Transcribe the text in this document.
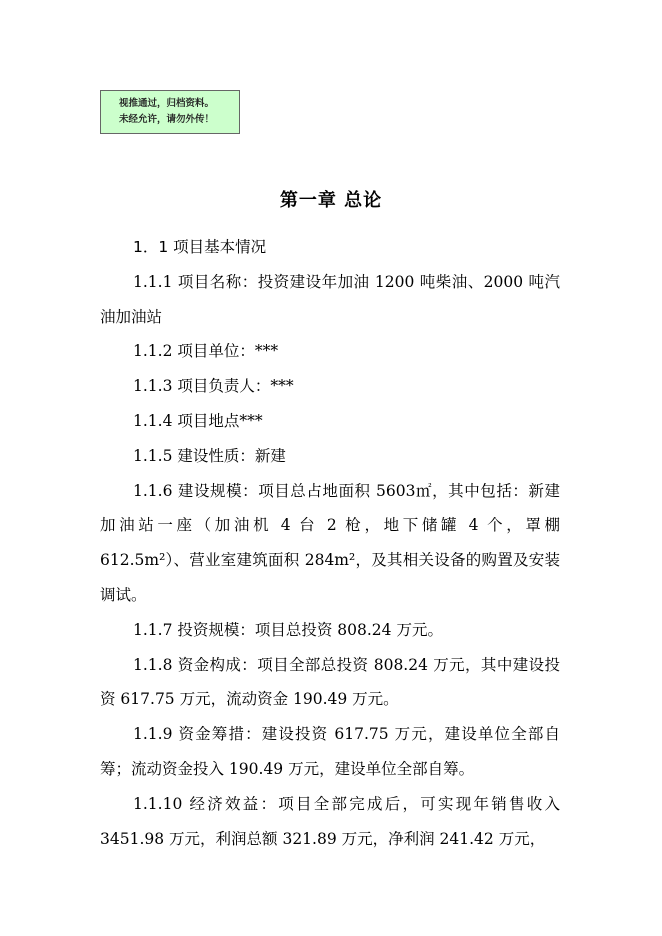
视推通过，归档资料。
未经允许，请勿外传！
第一章 总论

1．1 项目基本情况

1.1.1 项目名称：投资建设年加油 1200 吨柴油、2000 吨汽油加油站

1.1.2 项目单位：***

1.1.3 项目负责人：***

1.1.4 项目地点***

1.1.5 建设性质：新建

1.1.6 建设规模：项目总占地面积 5603㎡，其中包括：新建加油站一座（加油机 4 台 2 枪，地下储罐 4 个，罩棚 612.5m²）、营业室建筑面积 284m²，及其相关设备的购置及安装调试。

1.1.7 投资规模：项目总投资 808.24 万元。

1.1.8 资金构成：项目全部总投资 808.24 万元，其中建设投资 617.75 万元，流动资金 190.49 万元。

1.1.9 资金筹措：建设投资 617.75 万元，建设单位全部自筹；流动资金投入 190.49 万元，建设单位全部自筹。

1.1.10 经济效益：项目全部完成后，可实现年销售收入 3451.98 万元，利润总额 321.89 万元，净利润 241.42 万元，
